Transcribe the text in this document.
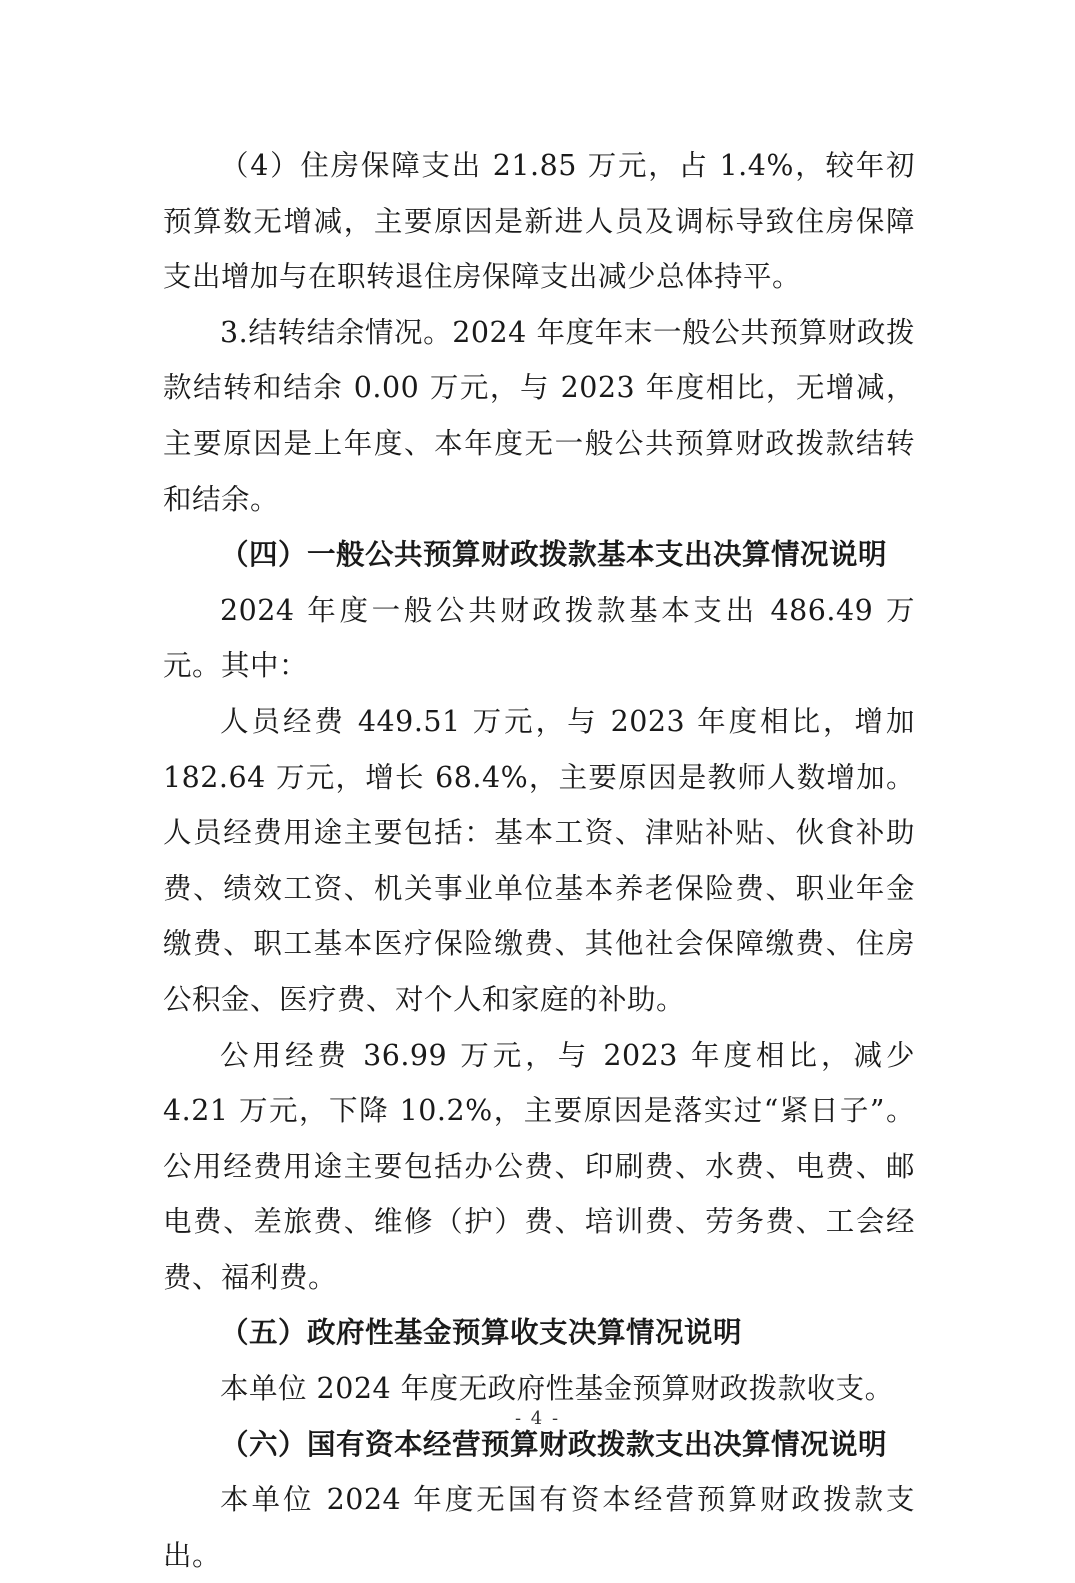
（4）住房保障支出 21.85 万元，占 1.4%，较年初预算数无增减，主要原因是新进人员及调标导致住房保障支出增加与在职转退住房保障支出减少总体持平。

3.结转结余情况。2024 年度年末一般公共预算财政拨款结转和结余 0.00 万元，与 2023 年度相比，无增减，主要原因是上年度、本年度无一般公共预算财政拨款结转和结余。

（四）一般公共预算财政拨款基本支出决算情况说明

2024 年度一般公共财政拨款基本支出 486.49 万元。其中：

人员经费 449.51 万元，与 2023 年度相比，增加 182.64 万元，增长 68.4%，主要原因是教师人数增加。人员经费用途主要包括：基本工资、津贴补贴、伙食补助费、绩效工资、机关事业单位基本养老保险费、职业年金缴费、职工基本医疗保险缴费、其他社会保障缴费、住房公积金、医疗费、对个人和家庭的补助。

公用经费 36.99 万元，与 2023 年度相比，减少 4.21 万元，下降 10.2%，主要原因是落实过“紧日子”。公用经费用途主要包括办公费、印刷费、水费、电费、邮电费、差旅费、维修（护）费、培训费、劳务费、工会经费、福利费。

（五）政府性基金预算收支决算情况说明

本单位 2024 年度无政府性基金预算财政拨款收支。

（六）国有资本经营预算财政拨款支出决算情况说明

本单位 2024 年度无国有资本经营预算财政拨款支出。

- 4 -
